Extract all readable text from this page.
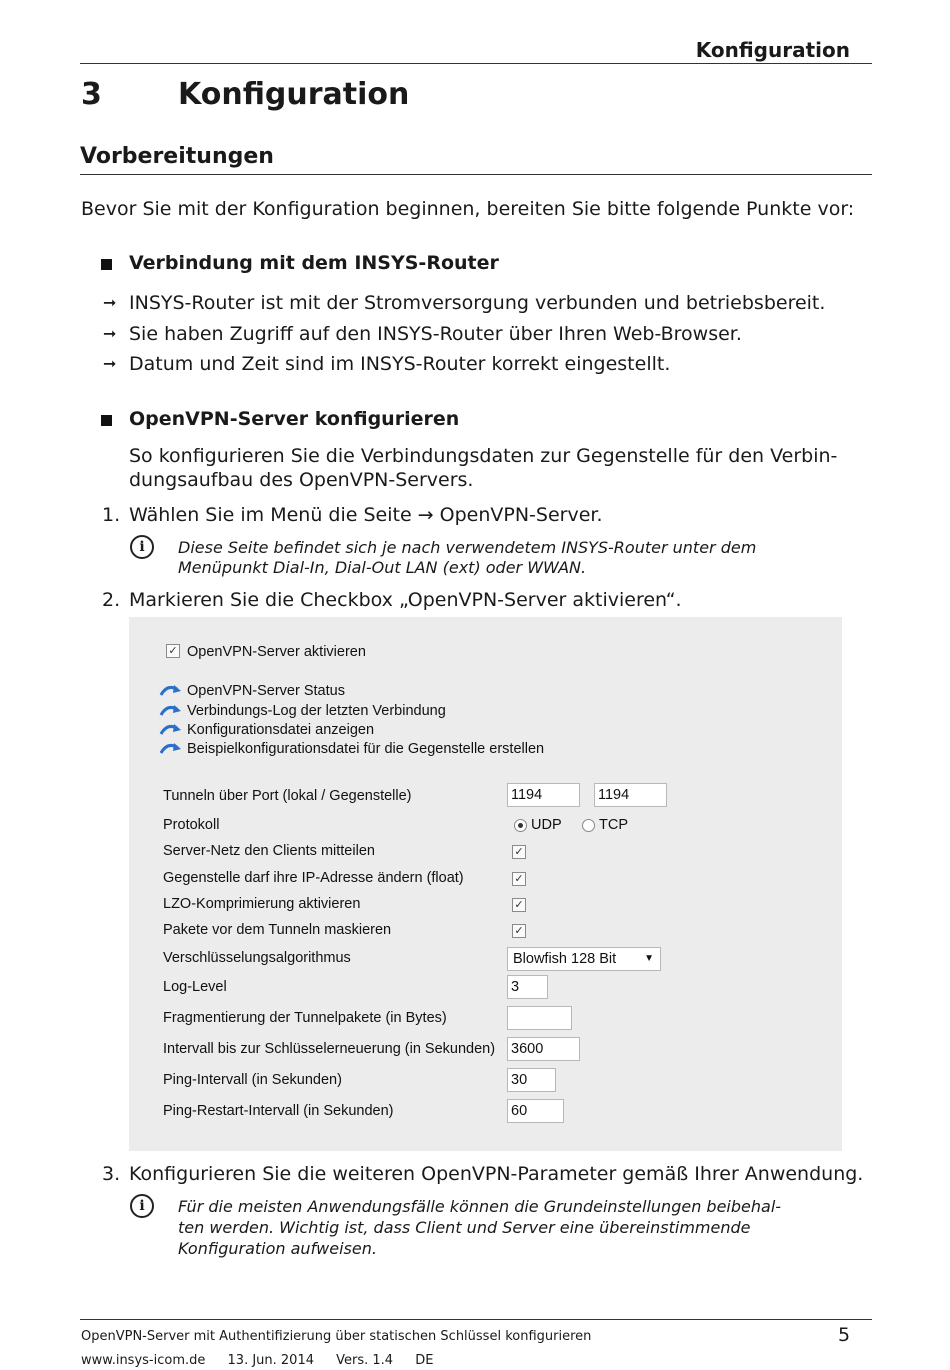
Konfiguration
3	Konfiguration
Vorbereitungen
Bevor Sie mit der Konfiguration beginnen, bereiten Sie bitte folgende Punkte vor:
Verbindung mit dem INSYS-Router
➞ INSYS-Router ist mit der Stromversorgung verbunden und betriebsbereit.
➞ Sie haben Zugriff auf den INSYS-Router über Ihren Web-Browser.
➞ Datum und Zeit sind im INSYS-Router korrekt eingestellt.
OpenVPN-Server konfigurieren
So konfigurieren Sie die Verbindungsdaten zur Gegenstelle für den Verbin-
dungsaufbau des OpenVPN-Servers.
1. Wählen Sie im Menü die Seite → OpenVPN-Server.
i	Diese Seite befindet sich je nach verwendetem INSYS-Router unter dem
Menüpunkt Dial-In, Dial-Out LAN (ext) oder WWAN.
2. Markieren Sie die Checkbox „OpenVPN-Server aktivieren“.
✓ OpenVPN-Server aktivieren
OpenVPN-Server Status
Verbindungs-Log der letzten Verbindung
Konfigurationsdatei anzeigen
Beispielkonfigurationsdatei für die Gegenstelle erstellen
Tunneln über Port (lokal / Gegenstelle)	1194	1194
Protokoll	UDP	TCP
Server-Netz den Clients mitteilen	✓
Gegenstelle darf ihre IP-Adresse ändern (float)	✓
LZO-Komprimierung aktivieren	✓
Pakete vor dem Tunneln maskieren	✓
Verschlüsselungsalgorithmus	Blowfish 128 Bit	▼
Log-Level	3
Fragmentierung der Tunnelpakete (in Bytes)
Intervall bis zur Schlüsselerneuerung (in Sekunden) 3600
Ping-Intervall (in Sekunden)	30
Ping-Restart-Intervall (in Sekunden)	60
3. Konfigurieren Sie die weiteren OpenVPN-Parameter gemäß Ihrer Anwendung.
i	Für die meisten Anwendungsfälle können die Grundeinstellungen beibehal-
ten werden. Wichtig ist, dass Client und Server eine übereinstimmende
Konfiguration aufweisen.
OpenVPN-Server mit Authentifizierung über statischen Schlüssel konfigurieren	5
www.insys-icom.de 13. Jun. 2014 Vers. 1.4 DE
